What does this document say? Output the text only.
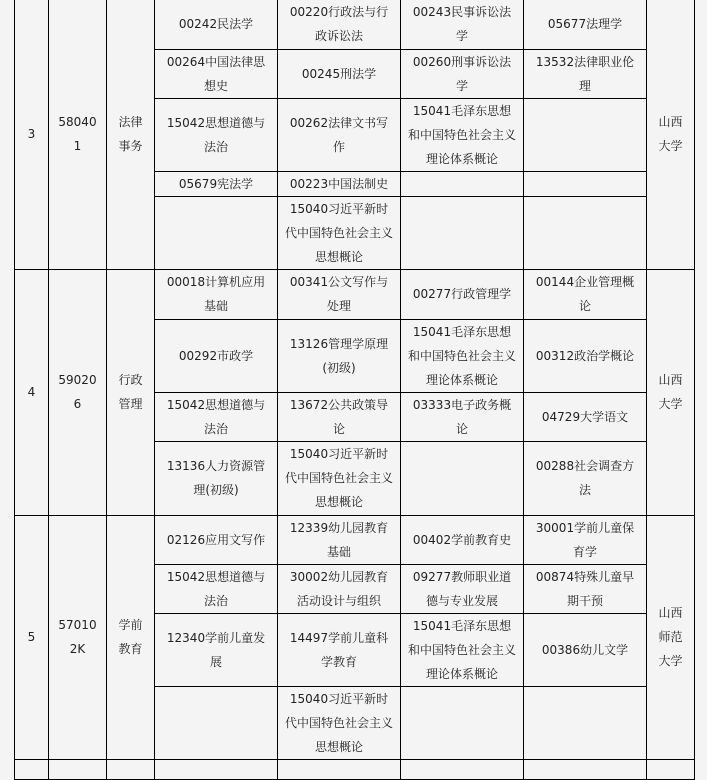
3	580401	法律事务	00242民法学	00220行政法与行政诉讼法	00243民事诉讼法学	05677法理学	山西大学
			00264中国法律思想史	00245刑法学	00260刑事诉讼法学	13532法律职业伦理	
			15042思想道德与法治	00262法律文书写作	15041毛泽东思想和中国特色社会主义理论体系概论		
			05679宪法学	00223中国法制史			
				15040习近平新时代中国特色社会主义思想概论			
4	590206	行政管理	00018计算机应用基础	00341公文写作与处理	00277行政管理学	00144企业管理概论	山西大学
			00292市政学	13126管理学原理(初级)	15041毛泽东思想和中国特色社会主义理论体系概论	00312政治学概论	
			15042思想道德与法治	13672公共政策导论	03333电子政务概论	04729大学语文	
			13136人力资源管理(初级)	15040习近平新时代中国特色社会主义思想概论		00288社会调查方法	
5	570102K	学前教育	02126应用文写作	12339幼儿园教育基础	00402学前教育史	30001学前儿童保育学	山西师范大学
			15042思想道德与法治	30002幼儿园教育活动设计与组织	09277教师职业道德与专业发展	00874特殊儿童早期干预	
			12340学前儿童发展	14497学前儿童科学教育	15041毛泽东思想和中国特色社会主义理论体系概论	00386幼儿文学	
				15040习近平新时代中国特色社会主义思想概论			
